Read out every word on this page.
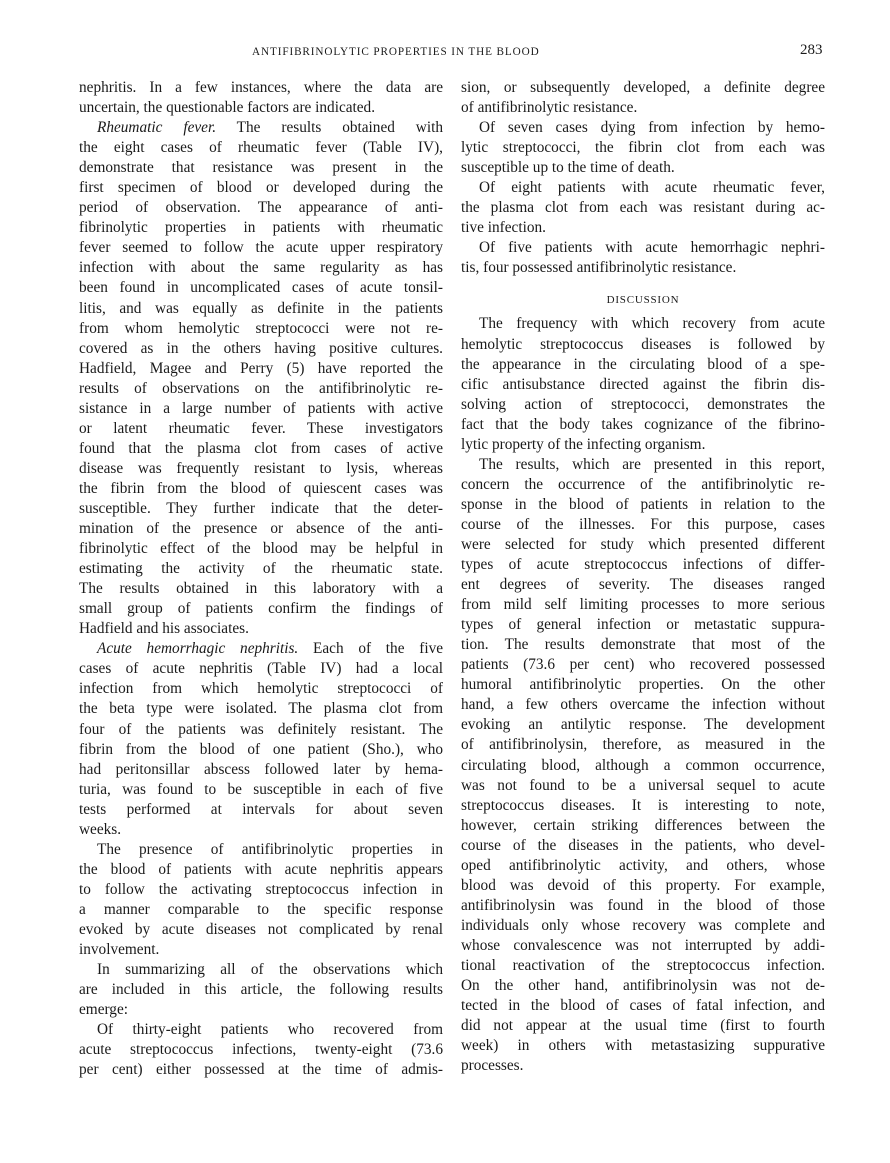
ANTIFIBRINOLYTIC PROPERTIES IN THE BLOOD	283
nephritis. In a few instances, where the data are
uncertain, the questionable factors are indicated.
Rheumatic fever. The results obtained with
the eight cases of rheumatic fever (Table IV),
demonstrate that resistance was present in the
first specimen of blood or developed during the
period of observation. The appearance of anti-
fibrinolytic properties in patients with rheumatic
fever seemed to follow the acute upper respiratory
infection with about the same regularity as has
been found in uncomplicated cases of acute tonsil-
litis, and was equally as definite in the patients
from whom hemolytic streptococci were not re-
covered as in the others having positive cultures.
Hadfield, Magee and Perry (5) have reported the
results of observations on the antifibrinolytic re-
sistance in a large number of patients with active
or latent rheumatic fever. These investigators
found that the plasma clot from cases of active
disease was frequently resistant to lysis, whereas
the fibrin from the blood of quiescent cases was
susceptible. They further indicate that the deter-
mination of the presence or absence of the anti-
fibrinolytic effect of the blood may be helpful in
estimating the activity of the rheumatic state.
The results obtained in this laboratory with a
small group of patients confirm the findings of
Hadfield and his associates.
Acute hemorrhagic nephritis. Each of the five
cases of acute nephritis (Table IV) had a local
infection from which hemolytic streptococci of
the beta type were isolated. The plasma clot from
four of the patients was definitely resistant. The
fibrin from the blood of one patient (Sho.), who
had peritonsillar abscess followed later by hema-
turia, was found to be susceptible in each of five
tests performed at intervals for about seven
weeks.
The presence of antifibrinolytic properties in
the blood of patients with acute nephritis appears
to follow the activating streptococcus infection in
a manner comparable to the specific response
evoked by acute diseases not complicated by renal
involvement.
In summarizing all of the observations which
are included in this article, the following results
emerge:
Of thirty-eight patients who recovered from
acute streptococcus infections, twenty-eight (73.6
per cent) either possessed at the time of admis-
sion, or subsequently developed, a definite degree
of antifibrinolytic resistance.
Of seven cases dying from infection by hemo-
lytic streptococci, the fibrin clot from each was
susceptible up to the time of death.
Of eight patients with acute rheumatic fever,
the plasma clot from each was resistant during ac-
tive infection.
Of five patients with acute hemorrhagic nephri-
tis, four possessed antifibrinolytic resistance.
DISCUSSION
The frequency with which recovery from acute
hemolytic streptococcus diseases is followed by
the appearance in the circulating blood of a spe-
cific antisubstance directed against the fibrin dis-
solving action of streptococci, demonstrates the
fact that the body takes cognizance of the fibrino-
lytic property of the infecting organism.
The results, which are presented in this report,
concern the occurrence of the antifibrinolytic re-
sponse in the blood of patients in relation to the
course of the illnesses. For this purpose, cases
were selected for study which presented different
types of acute streptococcus infections of differ-
ent degrees of severity. The diseases ranged
from mild self limiting processes to more serious
types of general infection or metastatic suppura-
tion. The results demonstrate that most of the
patients (73.6 per cent) who recovered possessed
humoral antifibrinolytic properties. On the other
hand, a few others overcame the infection without
evoking an antilytic response. The development
of antifibrinolysin, therefore, as measured in the
circulating blood, although a common occurrence,
was not found to be a universal sequel to acute
streptococcus diseases. It is interesting to note,
however, certain striking differences between the
course of the diseases in the patients, who devel-
oped antifibrinolytic activity, and others, whose
blood was devoid of this property. For example,
antifibrinolysin was found in the blood of those
individuals only whose recovery was complete and
whose convalescence was not interrupted by addi-
tional reactivation of the streptococcus infection.
On the other hand, antifibrinolysin was not de-
tected in the blood of cases of fatal infection, and
did not appear at the usual time (first to fourth
week) in others with metastasizing suppurative
processes.
